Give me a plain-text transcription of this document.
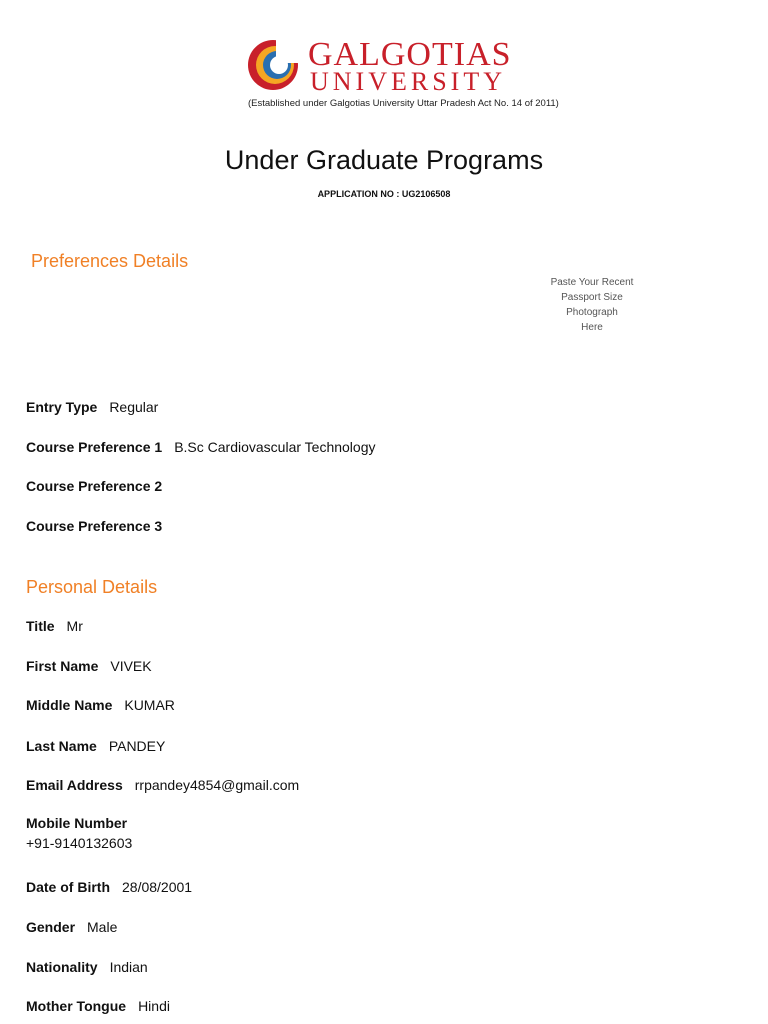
GALGOTIAS
UNIVERSITY
(Established under Galgotias University Uttar Pradesh Act No. 14 of 2011)
Under Graduate Programs
APPLICATION NO : UG2106508
Preferences Details
Paste Your Recent
Passport Size
Photograph
Here
Entry Type Regular
Course Preference 1 B.Sc Cardiovascular Technology
Course Preference 2
Course Preference 3
Personal Details
Title Mr
First Name VIVEK
Middle Name KUMAR
Last Name PANDEY
Email Address rrpandey4854@gmail.com
Mobile Number
+91-9140132603
Date of Birth 28/08/2001
Gender Male
Nationality Indian
Mother Tongue Hindi
